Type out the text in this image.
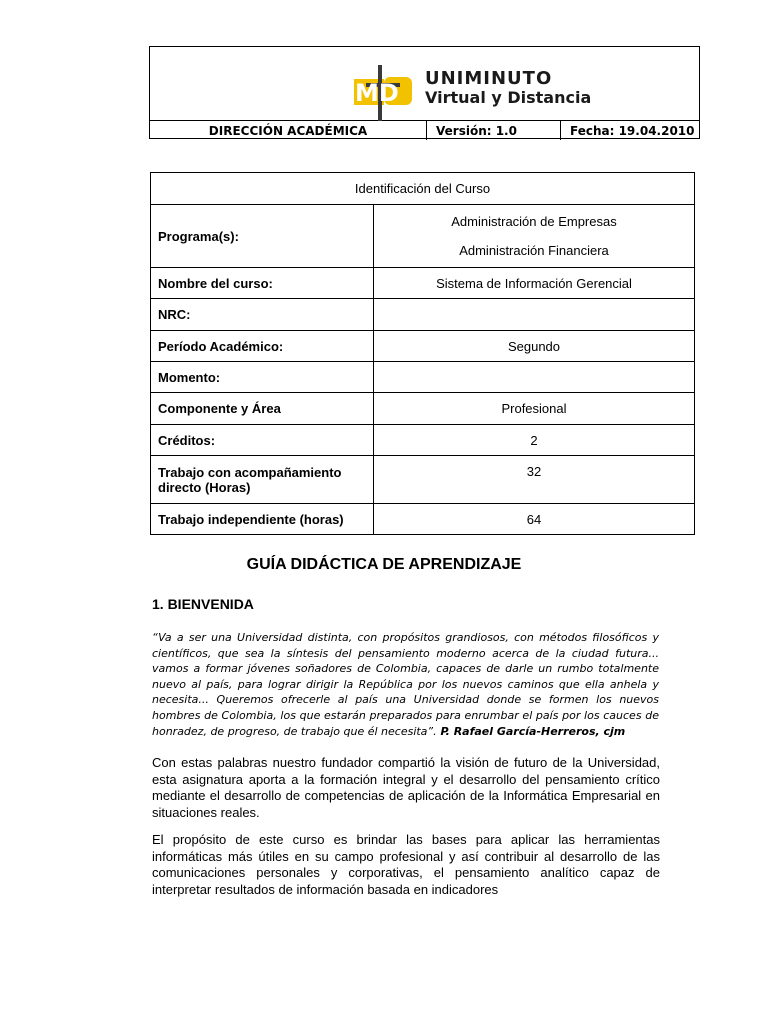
MD
UNIMINUTO
Virtual y Distancia
DIRECCIÓN ACADÉMICA	Versión: 1.0	Fecha: 19.04.2010
Identificación del Curso	
Programa(s):	Administración de Empresas
Administración Financiera

Nombre del curso:	Sistema de Información Gerencial
NRC:	
Período Académico:	Segundo
Momento:	
Componente y Área	Profesional
Créditos:	2
Trabajo con acompañamiento directo (Horas)	32
Trabajo independiente (horas)	64
GUÍA DIDÁCTICA DE APRENDIZAJE
1. BIENVENIDA
“Va a ser una Universidad distinta, con propósitos grandiosos, con métodos filosóficos y científicos, que sea la síntesis del pensamiento moderno acerca de la ciudad futura... vamos a formar jóvenes soñadores de Colombia, capaces de darle un rumbo totalmente nuevo al país, para lograr dirigir la República por los nuevos caminos que ella anhela y necesita... Queremos ofrecerle al país una Universidad donde se formen los nuevos hombres de Colombia, los que estarán preparados para enrumbar el país por los cauces de honradez, de progreso, de trabajo que él necesita”. P. Rafael García-Herreros, cjm
Con estas palabras nuestro fundador compartió la visión de futuro de la Universidad, esta asignatura aporta a la formación integral y el desarrollo del pensamiento crítico mediante el desarrollo de competencias de aplicación de la Informática Empresarial en situaciones reales.
El propósito de este curso es brindar las bases para aplicar las herramientas informáticas más útiles en su campo profesional y así contribuir al desarrollo de las comunicaciones personales y corporativas, el pensamiento analítico capaz de interpretar resultados de información basada en indicadores
